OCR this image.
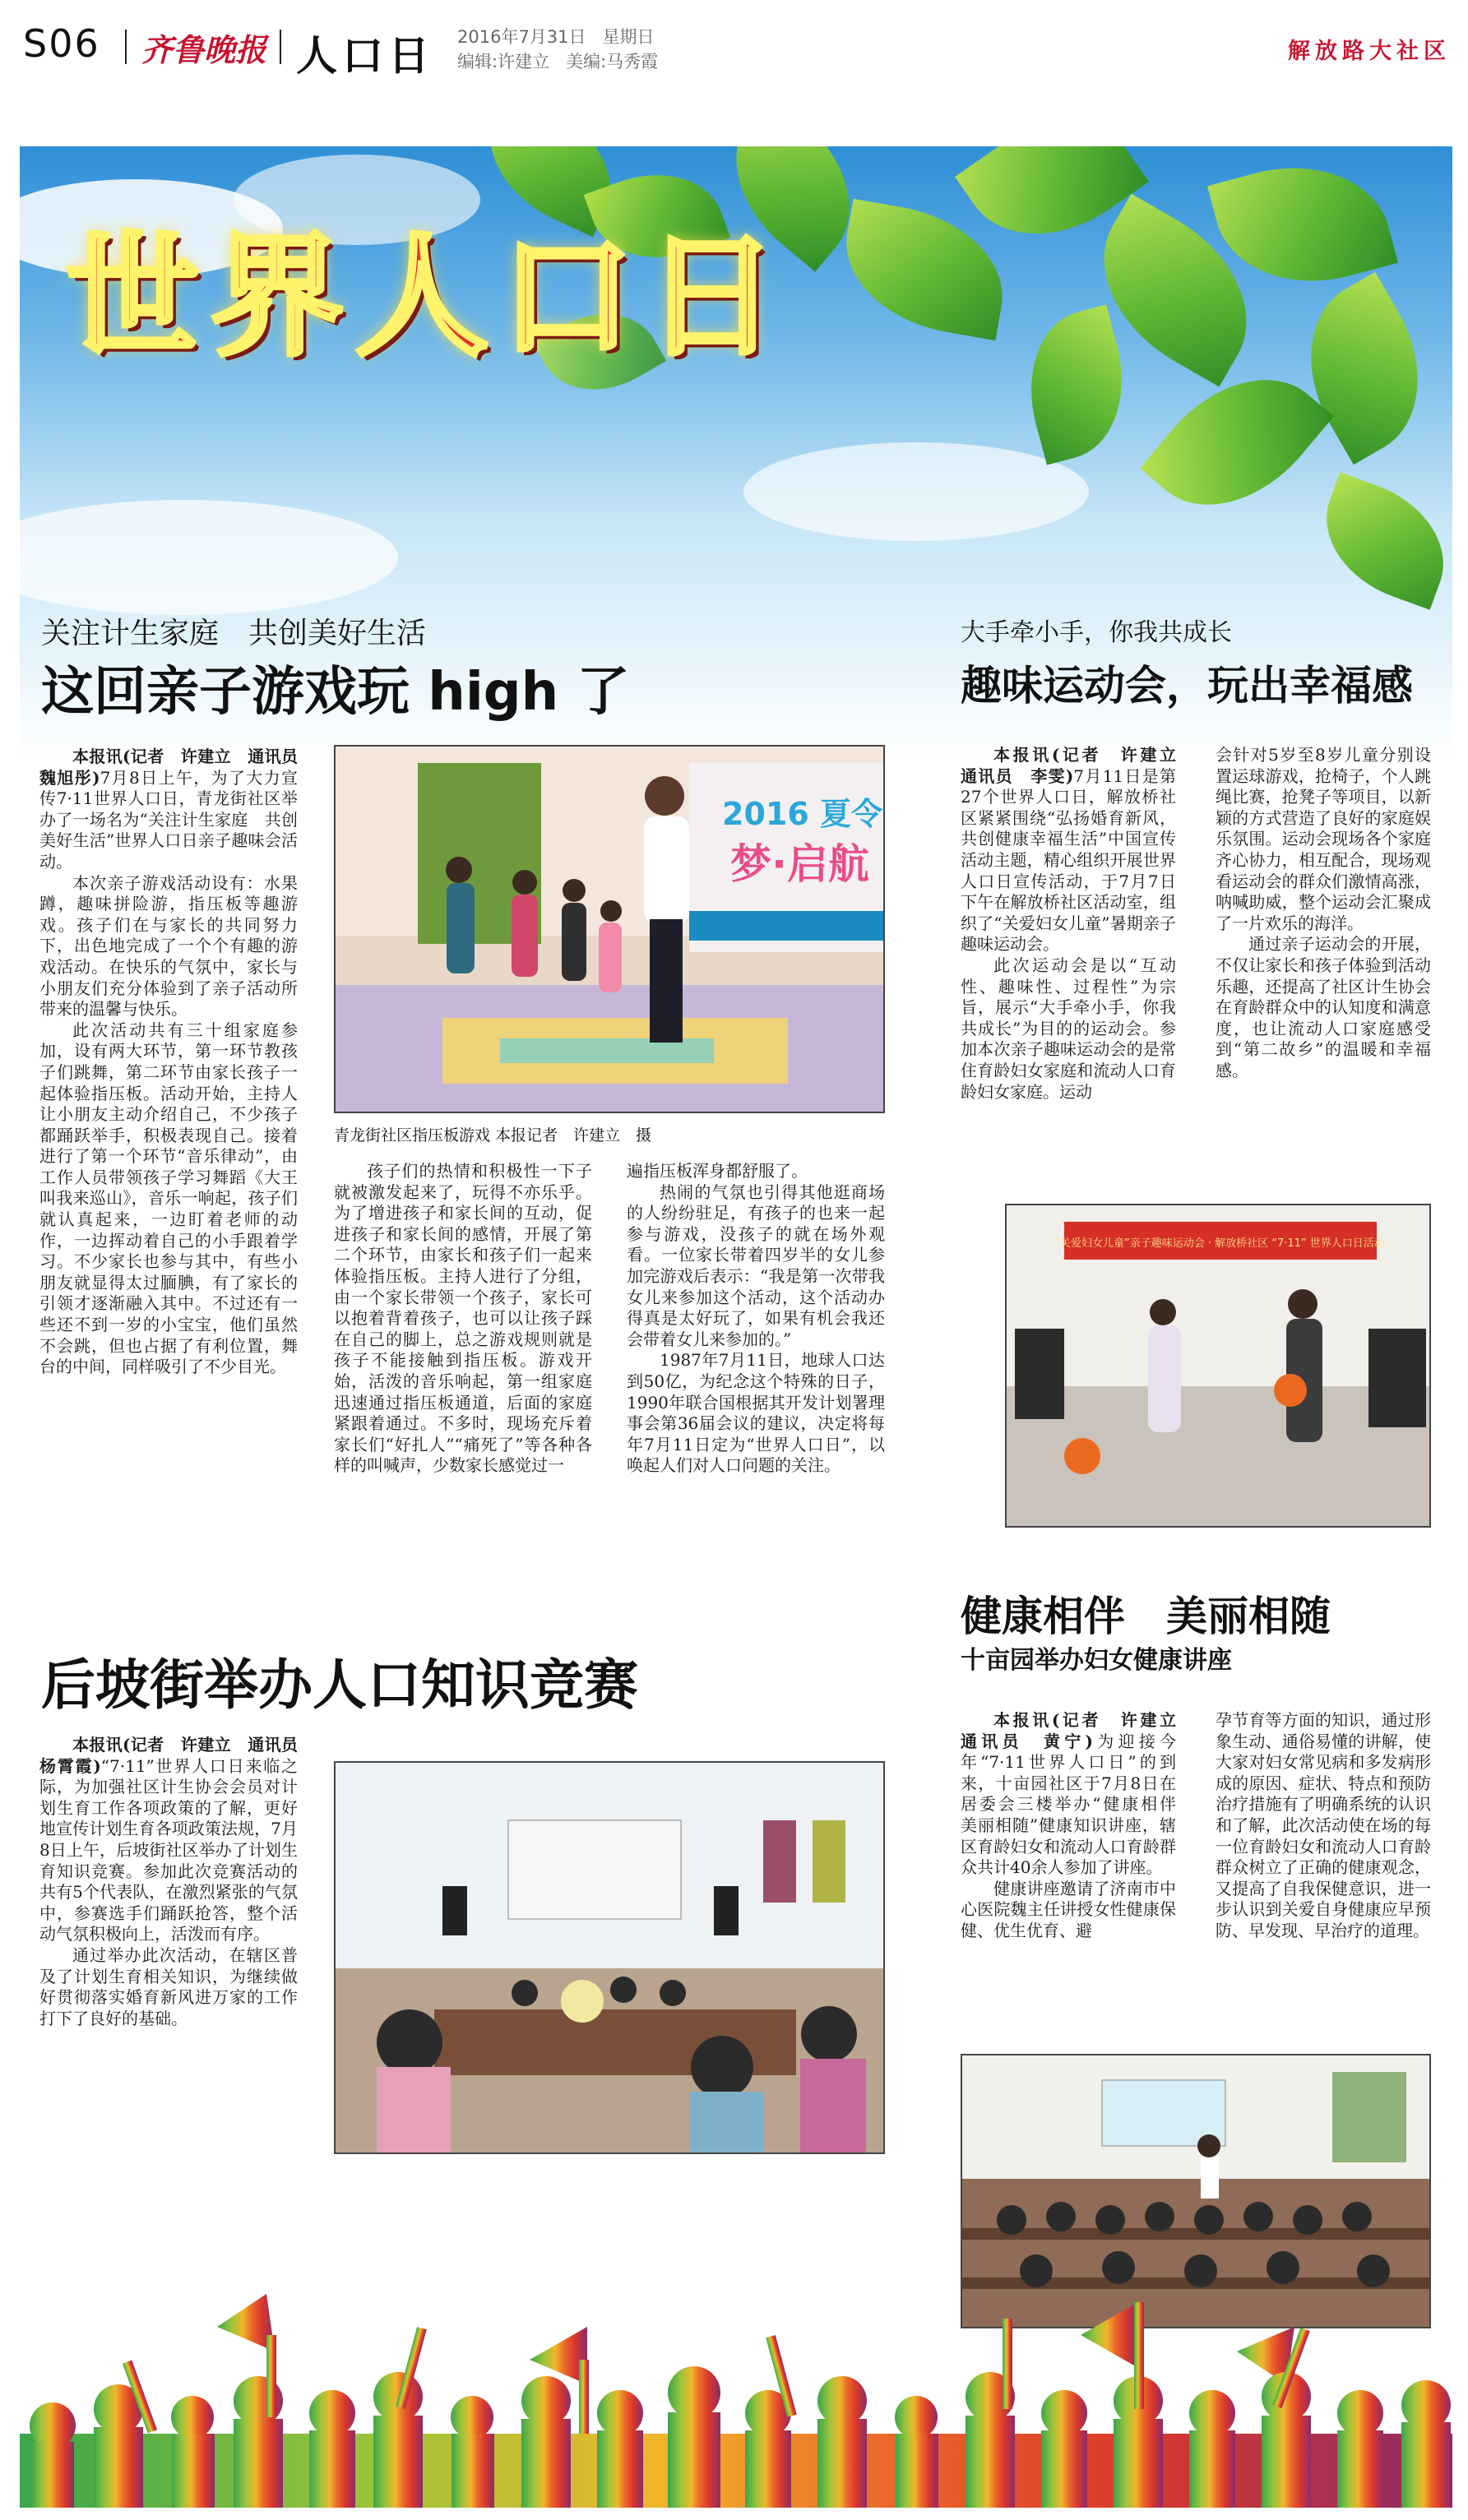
S06 齐鲁晚报 人口日 2016年7月31日 星期日
编辑:许建立 美编:马秀霞	解放路大社区
世界人口日
关注计生家庭　共创美好生活
这回亲子游戏玩 high 了

本报讯(记者　许建立　通讯员　魏旭彤)7月8日上午，为了大力宣传7·11世界人口日，青龙街社区举办了一场名为“关注计生家庭　共创美好生活”世界人口日亲子趣味会活动。

本次亲子游戏活动设有：水果蹲，趣味拼险游，指压板等趣游戏。孩子们在与家长的共同努力下，出色地完成了一个个有趣的游戏活动。在快乐的气氛中，家长与小朋友们充分体验到了亲子活动所带来的温馨与快乐。

此次活动共有三十组家庭参加，设有两大环节，第一环节教孩子们跳舞，第二环节由家长孩子一起体验指压板。活动开始，主持人让小朋友主动介绍自己，不少孩子都踊跃举手，积极表现自己。接着进行了第一个环节“音乐律动”，由工作人员带领孩子学习舞蹈《大王叫我来巡山》，音乐一响起，孩子们就认真起来，一边盯着老师的动作，一边挥动着自己的小手跟着学习。不少家长也参与其中，有些小朋友就显得太过腼腆，有了家长的引领才逐渐融入其中。不过还有一些还不到一岁的小宝宝，他们虽然不会跳，但也占据了有利位置，舞台的中间，同样吸引了不少目光。

2016 夏令
梦·启航
青龙街社区指压板游戏 本报记者　许建立　摄

孩子们的热情和积极性一下子就被激发起来了，玩得不亦乐乎。为了增进孩子和家长间的互动，促进孩子和家长间的感情，开展了第二个环节，由家长和孩子们一起来体验指压板。主持人进行了分组，由一个家长带领一个孩子，家长可以抱着背着孩子，也可以让孩子踩在自己的脚上，总之游戏规则就是孩子不能接触到指压板。游戏开始，活泼的音乐响起，第一组家庭迅速通过指压板通道，后面的家庭紧跟着通过。不多时，现场充斥着家长们“好扎人”“痛死了”等各种各样的叫喊声，少数家长感觉过一

遍指压板浑身都舒服了。

热闹的气氛也引得其他逛商场的人纷纷驻足，有孩子的也来一起参与游戏，没孩子的就在场外观看。一位家长带着四岁半的女儿参加完游戏后表示：“我是第一次带我女儿来参加这个活动，这个活动办得真是太好玩了，如果有机会我还会带着女儿来参加的。”

1987年7月11日，地球人口达到50亿，为纪念这个特殊的日子，1990年联合国根据其开发计划署理事会第36届会议的建议，决定将每年7月11日定为“世界人口日”，以唤起人们对人口问题的关注。

大手牵小手，你我共成长
趣味运动会，玩出幸福感

本报讯(记者　许建立　通讯员　李雯)7月11日是第27个世界人口日，解放桥社区紧紧围绕“弘扬婚育新风，共创健康幸福生活”中国宣传活动主题，精心组织开展世界人口日宣传活动，于7月7日下午在解放桥社区活动室，组织了“关爱妇女儿童”暑期亲子趣味运动会。

此次运动会是以“互动性、趣味性、过程性”为宗旨，展示“大手牵小手，你我共成长”为目的的运动会。参加本次亲子趣味运动会的是常住育龄妇女家庭和流动人口育龄妇女家庭。运动

会针对5岁至8岁儿童分别设置运球游戏，抢椅子，个人跳绳比赛，抢凳子等项目，以新颖的方式营造了良好的家庭娱乐氛围。运动会现场各个家庭齐心协力，相互配合，现场观看运动会的群众们激情高涨，呐喊助威，整个运动会汇聚成了一片欢乐的海洋。

通过亲子运动会的开展，不仅让家长和孩子体验到活动乐趣，还提高了社区计生协会在育龄群众中的认知度和满意度，也让流动人口家庭感受到“第二故乡”的温暖和幸福感。

“关爱妇女儿童”亲子趣味运动会 · 解放桥社区 “7·11” 世界人口日活动
后坡街举办人口知识竞赛

本报讯(记者　许建立　通讯员　杨霄霞)“7·11”世界人口日来临之际，为加强社区计生协会会员对计划生育工作各项政策的了解，更好地宣传计划生育各项政策法规，7月8日上午，后坡街社区举办了计划生育知识竞赛。参加此次竞赛活动的共有5个代表队，在激烈紧张的气氛中，参赛选手们踊跃抢答，整个活动气氛积极向上，活泼而有序。

通过举办此次活动，在辖区普及了计划生育相关知识，为继续做好贯彻落实婚育新风进万家的工作打下了良好的基础。

健康相伴　美丽相随
十亩园举办妇女健康讲座

本报讯(记者　许建立　通讯员　黄宁)为迎接今年“7·11世界人口日”的到来，十亩园社区于7月8日在居委会三楼举办“健康相伴　美丽相随”健康知识讲座，辖区育龄妇女和流动人口育龄群众共计40余人参加了讲座。

健康讲座邀请了济南市中心医院魏主任讲授女性健康保健、优生优育、避

孕节育等方面的知识，通过形象生动、通俗易懂的讲解，使大家对妇女常见病和多发病形成的原因、症状、特点和预防治疗措施有了明确系统的认识和了解，此次活动使在场的每一位育龄妇女和流动人口育龄群众树立了正确的健康观念，又提高了自我保健意识，进一步认识到关爱自身健康应早预防、早发现、早治疗的道理。
